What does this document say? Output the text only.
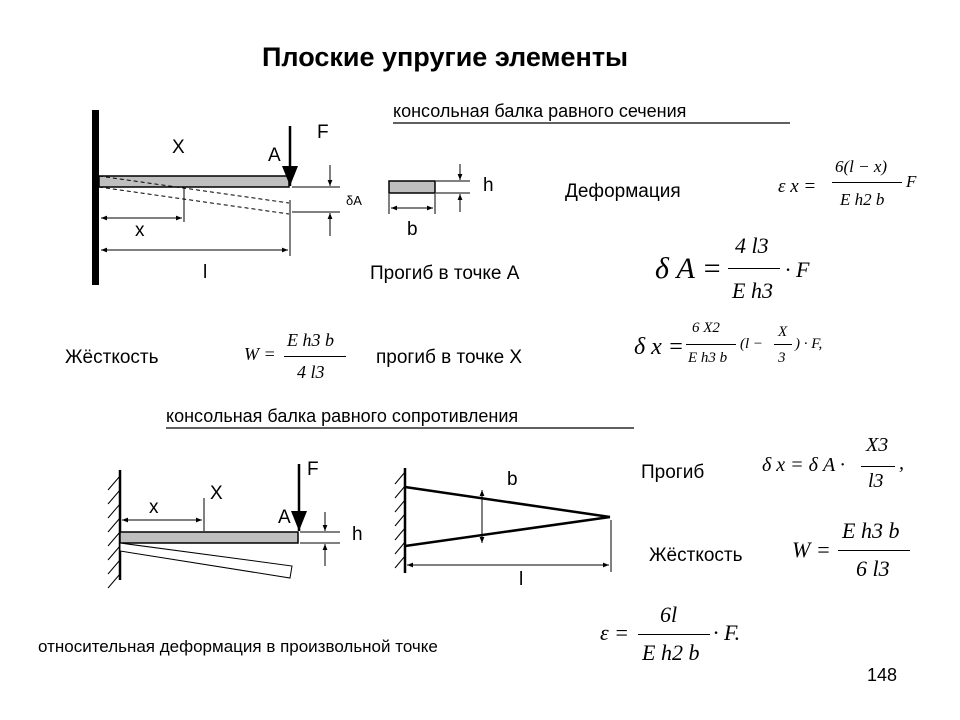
Плоские упругие элементы
X	A
F
x
l
δA
h
b
консольная балка равного сечения
Деформация
Прогиб в точке A
Жёсткость	прогиб в точке X
ε x =
6(l − x)
E h2 b
F
δ A =
4 l3
E h3
· F
W =
E h3 b
4 l3
δ x =
6 X2
E h3 b
(l −
X
3
) · F,
консольная балка равного сопротивления
F
X
x	A
h
b
l
Прогиб
Жёсткость
относительная деформация в произвольной точке
δ x = δ A ·
X3
l3
,
W =
E h3 b
6 l3
ε =
6l
E h2 b
· F.
148
